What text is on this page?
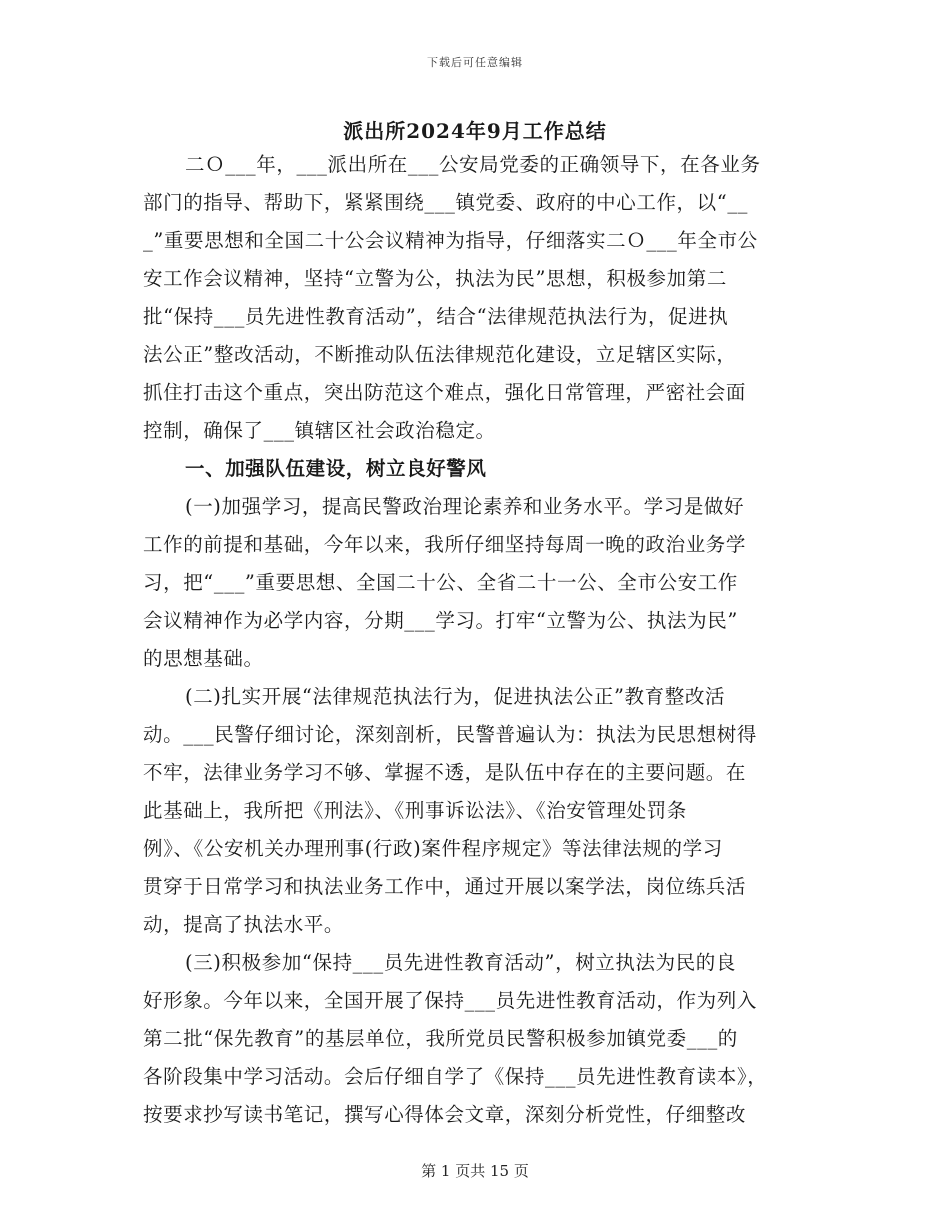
下载后可任意编辑
派出所2024年9月工作总结
二Ｏ___年，___派出所在___公安局党委的正确领导下，在各业务
部门的指导、帮助下，紧紧围绕___镇党委、政府的中心工作，以“__
_”重要思想和全国二十公会议精神为指导，仔细落实二Ｏ___年全市公
安工作会议精神，坚持“立警为公，执法为民”思想，积极参加第二
批“保持___员先进性教育活动”，结合“法律规范执法行为，促进执
法公正”整改活动，不断推动队伍法律规范化建设，立足辖区实际，
抓住打击这个重点，突出防范这个难点，强化日常管理，严密社会面
控制，确保了___镇辖区社会政治稳定。
一、加强队伍建设，树立良好警风
(一)加强学习，提高民警政治理论素养和业务水平。学习是做好
工作的前提和基础，今年以来，我所仔细坚持每周一晚的政治业务学
习，把“___”重要思想、全国二十公、全省二十一公、全市公安工作
会议精神作为必学内容，分期___学习。打牢“立警为公、执法为民”
的思想基础。
(二)扎实开展“法律规范执法行为，促进执法公正”教育整改活
动。___民警仔细讨论，深刻剖析，民警普遍认为：执法为民思想树得
不牢，法律业务学习不够、掌握不透，是队伍中存在的主要问题。在
此基础上，我所把《刑法》、《刑事诉讼法》、《治安管理处罚条
例》、《公安机关办理刑事(行政)案件程序规定》等法律法规的学习
贯穿于日常学习和执法业务工作中，通过开展以案学法，岗位练兵活
动，提高了执法水平。
(三)积极参加“保持___员先进性教育活动”，树立执法为民的良
好形象。今年以来，全国开展了保持___员先进性教育活动，作为列入
第二批“保先教育”的基层单位，我所党员民警积极参加镇党委___的
各阶段集中学习活动。会后仔细自学了《保持___员先进性教育读本》，
按要求抄写读书笔记，撰写心得体会文章，深刻分析党性，仔细整改
第 1 页共 15 页
